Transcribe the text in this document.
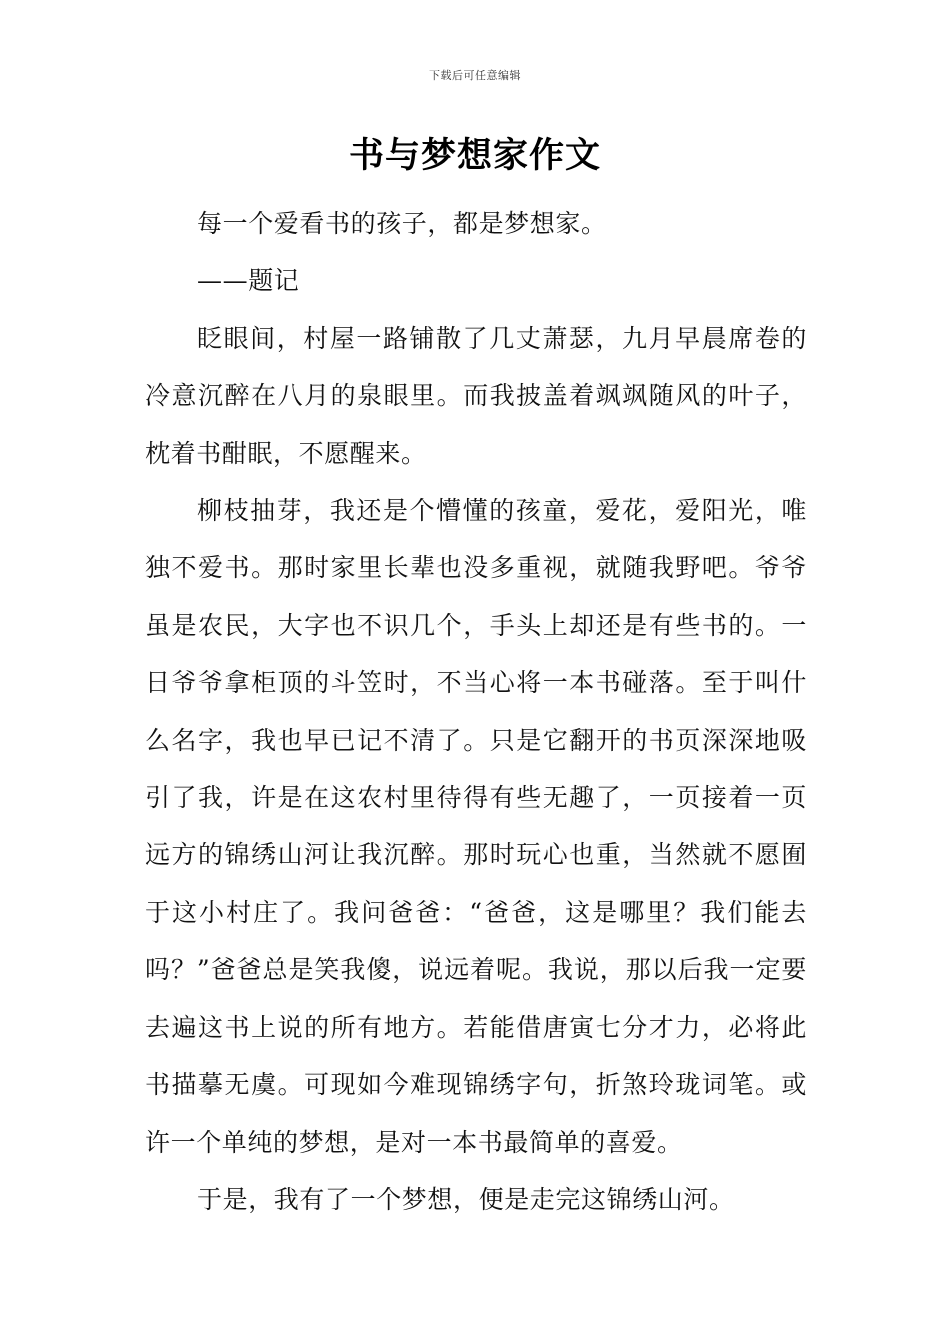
下载后可任意编辑
书与梦想家作文

每一个爱看书的孩子，都是梦想家。

——题记

眨眼间，村屋一路铺散了几丈萧瑟，九月早晨席卷的冷意沉醉在八月的泉眼里。而我披盖着飒飒随风的叶子，枕着书酣眠，不愿醒来。

柳枝抽芽，我还是个懵懂的孩童，爱花，爱阳光，唯独不爱书。那时家里长辈也没多重视，就随我野吧。爷爷虽是农民，大字也不识几个，手头上却还是有些书的。一日爷爷拿柜顶的斗笠时，不当心将一本书碰落。至于叫什么名字，我也早已记不清了。只是它翻开的书页深深地吸引了我，许是在这农村里待得有些无趣了，一页接着一页远方的锦绣山河让我沉醉。那时玩心也重，当然就不愿囿于这小村庄了。我问爸爸：“爸爸，这是哪里？我们能去吗？”爸爸总是笑我傻，说远着呢。我说，那以后我一定要去遍这书上说的所有地方。若能借唐寅七分才力，必将此书描摹无虞。可现如今难现锦绣字句，折煞玲珑词笔。或许一个单纯的梦想，是对一本书最简单的喜爱。

于是，我有了一个梦想，便是走完这锦绣山河。
